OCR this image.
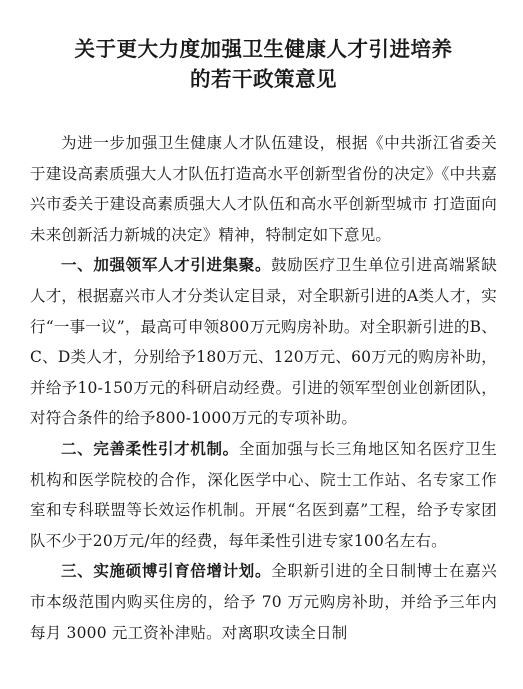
关于更大力度加强卫生健康人才引进培养
的若干政策意见

为进一步加强卫生健康人才队伍建设，根据《中共浙江省委关于建设高素质强大人才队伍打造高水平创新型省份的决定》《中共嘉兴市委关于建设高素质强大人才队伍和高水平创新型城市 打造面向未来创新活力新城的决定》精神，特制定如下意见。

一、加强领军人才引进集聚。鼓励医疗卫生单位引进高端紧缺人才，根据嘉兴市人才分类认定目录，对全职新引进的A类人才，实行“一事一议”，最高可申领800万元购房补助。对全职新引进的B、C、D类人才，分别给予180万元、120万元、60万元的购房补助，并给予10-150万元的科研启动经费。引进的领军型创业创新团队，对符合条件的给予800-1000万元的专项补助。

二、完善柔性引才机制。全面加强与长三角地区知名医疗卫生机构和医学院校的合作，深化医学中心、院士工作站、名专家工作室和专科联盟等长效运作机制。开展“名医到嘉”工程，给予专家团队不少于20万元/年的经费，每年柔性引进专家100名左右。

三、实施硕博引育倍增计划。全职新引进的全日制博士在嘉兴市本级范围内购买住房的，给予 70 万元购房补助，并给予三年内每月 3000 元工资补津贴。对离职攻读全日制
